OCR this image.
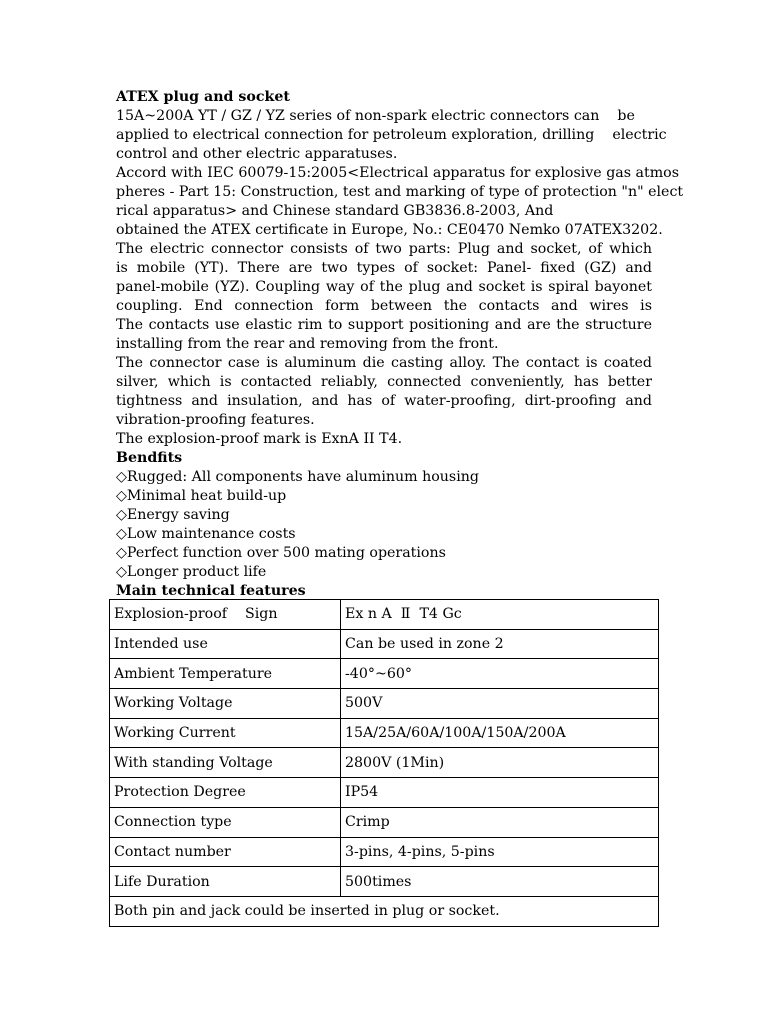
ATEX plug and socket
15A~200A YT / GZ / YZ series of non-spark electric connectors can    be
applied to electrical connection for petroleum exploration, drilling    electric
control and other electric apparatuses.
Accord with IEC 60079-15:2005<Electrical apparatus for explosive gas atmos
pheres - Part 15: Construction, test and marking of type of protection "n" elect
rical apparatus> and Chinese standard GB3836.8-2003, And
obtained the ATEX certificate in Europe, No.: CE0470 Nemko 07ATEX3202.
The electric connector consists of two parts: Plug and socket, of which
is mobile (YT). There are two types of socket: Panel- fixed (GZ) and
panel-mobile (YZ). Coupling way of the plug and socket is spiral bayonet
coupling. End connection form between the contacts and wires is
The contacts use elastic rim to support positioning and are the structure
installing from the rear and removing from the front.
The connector case is aluminum die casting alloy. The contact is coated
silver, which is contacted reliably, connected conveniently, has better
tightness and insulation, and has of water-proofing, dirt-proofing and
vibration-proofing features.
The explosion-proof mark is ExnA II T4.
Bendfits
◇Rugged: All components have aluminum housing
◇Minimal heat build-up
◇Energy saving
◇Low maintenance costs
◇Perfect function over 500 mating operations
◇Longer product life
Main technical features
Explosion-proof    Sign	Ex n A  Ⅱ  T4 Gc
Intended use	Can be used in zone 2
Ambient Temperature	-40°~60°
Working Voltage	500V
Working Current	15A/25A/60A/100A/150A/200A
With standing Voltage	2800V (1Min)
Protection Degree	IP54
Connection type	Crimp
Contact number	3-pins, 4-pins, 5-pins
Life Duration	500times
Both pin and jack could be inserted in plug or socket.	
